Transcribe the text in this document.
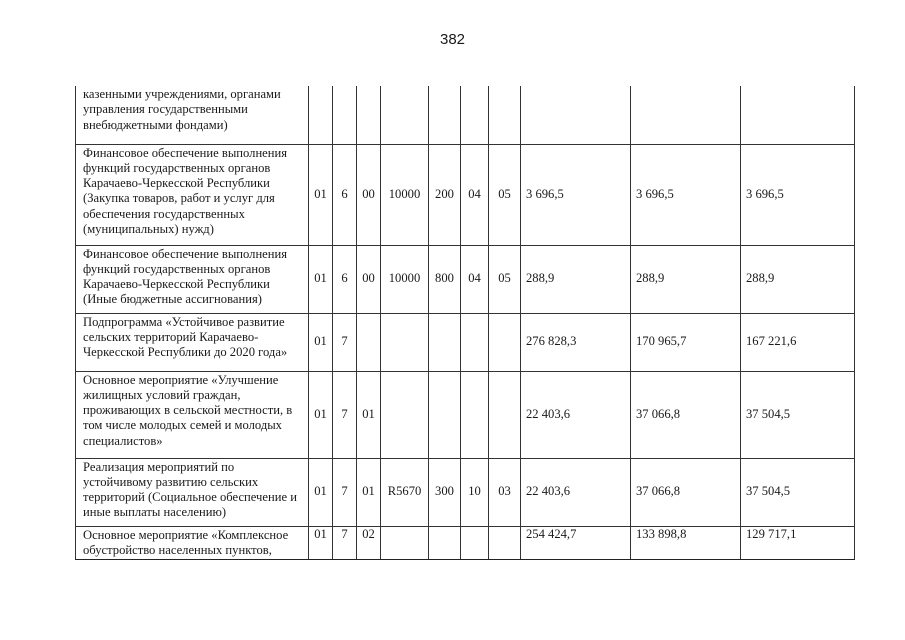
382
казенными учреждениями, органами управления государственными внебюджетными фондами)										
Финансовое обеспечение выполнения функций государственных органов Карачаево-Черкесской Республики (Закупка товаров, работ и услуг для обеспечения государственных (муниципальных) нужд)	01	6	00	10000	200	04	05	3 696,5	3 696,5	3 696,5
Финансовое обеспечение выполнения функций государственных органов Карачаево-Черкесской Республики (Иные бюджетные ассигнования)	01	6	00	10000	800	04	05	288,9	288,9	288,9
Подпрограмма «Устойчивое развитие сельских территорий Карачаево-Черкесской Республики до 2020 года»	01	7						276 828,3	170 965,7	167 221,6
Основное мероприятие «Улучшение жилищных условий граждан, проживающих в сельской местности, в том числе молодых семей и молодых специалистов»	01	7	01					22 403,6	37 066,8	37 504,5
Реализация мероприятий по устойчивому развитию сельских территорий (Социальное обеспечение и иные выплаты населению)	01	7	01	R5670	300	10	03	22 403,6	37 066,8	37 504,5
Основное мероприятие «Комплексное обустройство населенных пунктов,	01	7	02					254 424,7	133 898,8	129 717,1
